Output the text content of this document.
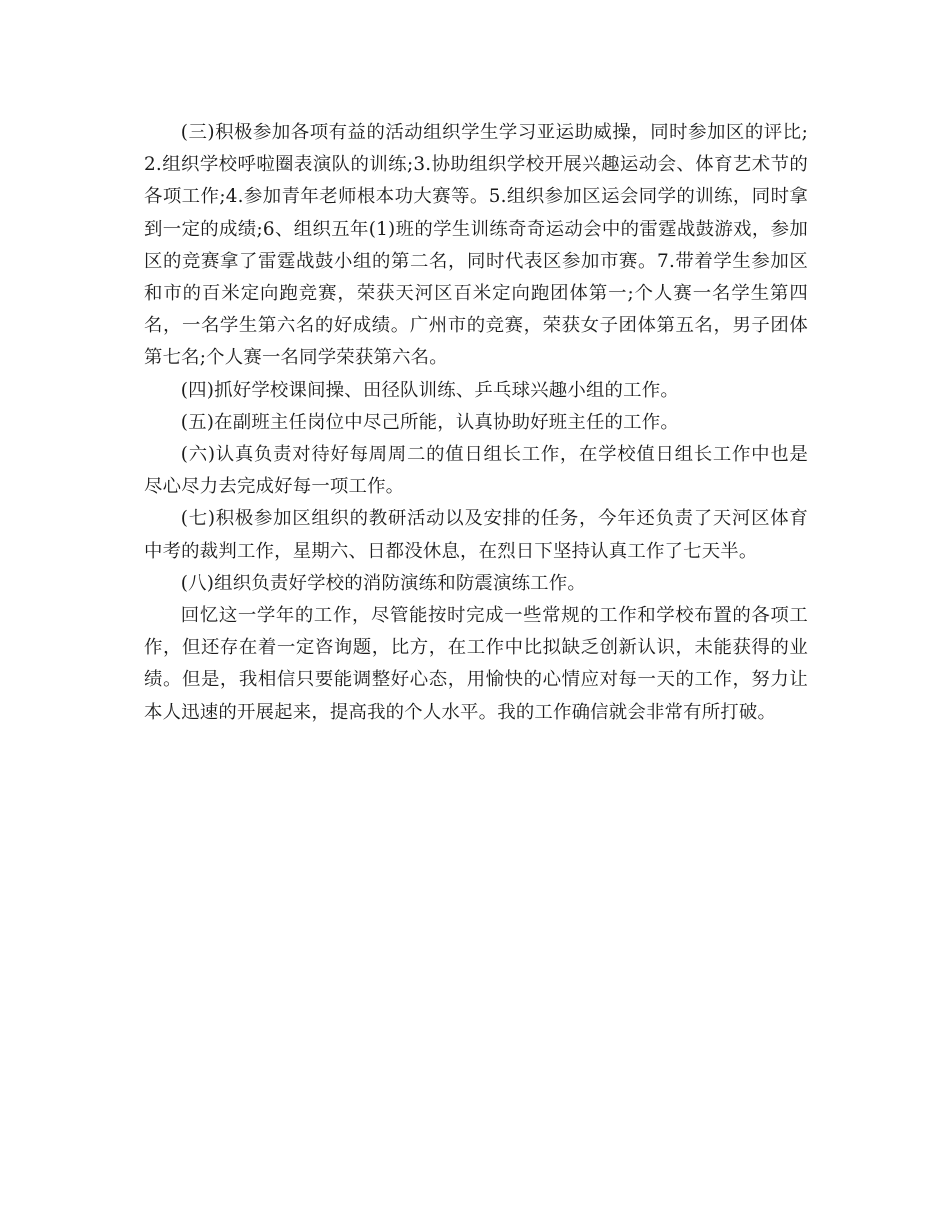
(三)积极参加各项有益的活动组织学生学习亚运助威操，同时参加区的评比;2.组织学校呼啦圈表演队的训练;3.协助组织学校开展兴趣运动会、体育艺术节的各项工作;4.参加青年老师根本功大赛等。5.组织参加区运会同学的训练，同时拿到一定的成绩;6、组织五年(1)班的学生训练奇奇运动会中的雷霆战鼓游戏，参加区的竞赛拿了雷霆战鼓小组的第二名，同时代表区参加市赛。7.带着学生参加区和市的百米定向跑竞赛，荣获天河区百米定向跑团体第一;个人赛一名学生第四名，一名学生第六名的好成绩。广州市的竞赛，荣获女子团体第五名，男子团体第七名;个人赛一名同学荣获第六名。

(四)抓好学校课间操、田径队训练、乒乓球兴趣小组的工作。

(五)在副班主任岗位中尽己所能，认真协助好班主任的工作。

(六)认真负责对待好每周周二的值日组长工作，在学校值日组长工作中也是尽心尽力去完成好每一项工作。

(七)积极参加区组织的教研活动以及安排的任务，今年还负责了天河区体育中考的裁判工作，星期六、日都没休息，在烈日下坚持认真工作了七天半。

(八)组织负责好学校的消防演练和防震演练工作。

回忆这一学年的工作，尽管能按时完成一些常规的工作和学校布置的各项工作，但还存在着一定咨询题，比方，在工作中比拟缺乏创新认识，未能获得的业绩。但是，我相信只要能调整好心态，用愉快的心情应对每一天的工作，努力让本人迅速的开展起来，提高我的个人水平。我的工作确信就会非常有所打破。
